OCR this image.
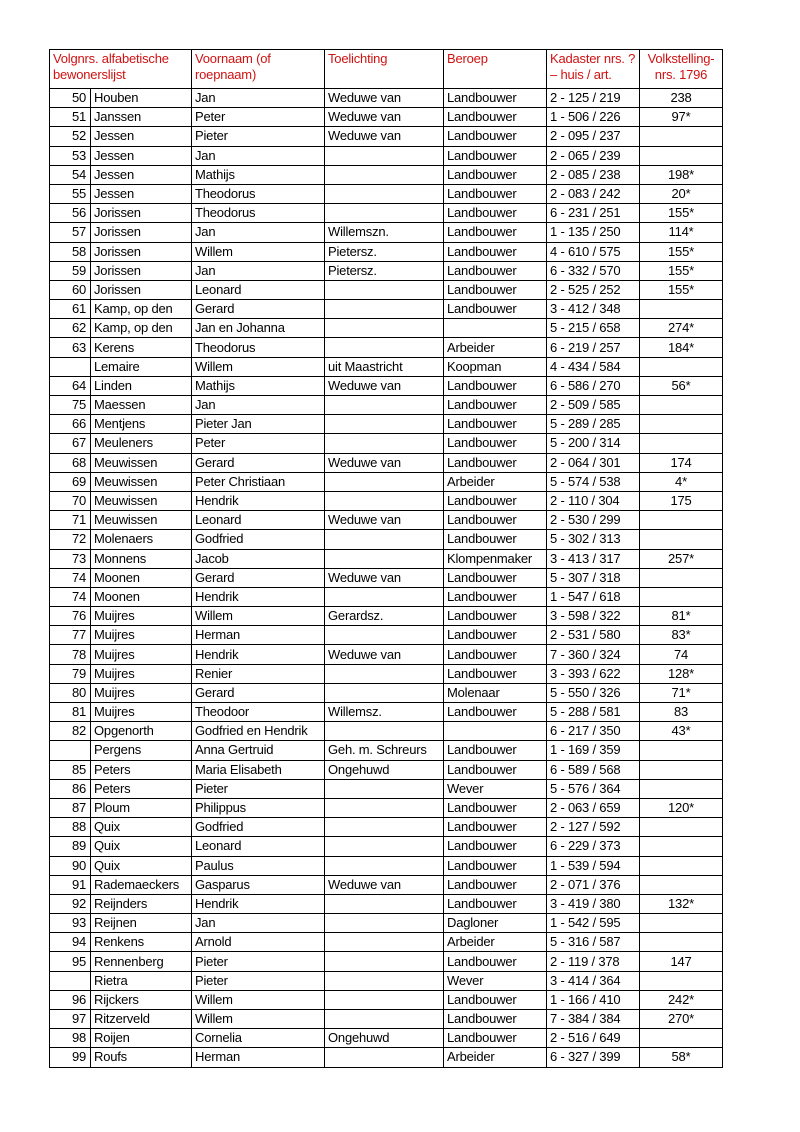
Volgnrs. alfabetische bewonerslijst		Voornaam (of roepnaam)	Toelichting	Beroep	Kadaster nrs. ? – huis / art.	Volkstelling- nrs. 1796
50	Houben	Jan	Weduwe van	Landbouwer	2 - 125 / 219	238
51	Janssen	Peter	Weduwe van	Landbouwer	1 - 506 / 226	97*
52	Jessen	Pieter	Weduwe van	Landbouwer	2 - 095 / 237	
53	Jessen	Jan		Landbouwer	2 - 065 / 239	
54	Jessen	Mathijs		Landbouwer	2 - 085 / 238	198*
55	Jessen	Theodorus		Landbouwer	2 - 083 / 242	20*
56	Jorissen	Theodorus		Landbouwer	6 - 231 / 251	155*
57	Jorissen	Jan	Willemszn.	Landbouwer	1 - 135 / 250	114*
58	Jorissen	Willem	Pietersz.	Landbouwer	4 - 610 / 575	155*
59	Jorissen	Jan	Pietersz.	Landbouwer	6 - 332 / 570	155*
60	Jorissen	Leonard		Landbouwer	2 - 525 / 252	155*
61	Kamp, op den	Gerard		Landbouwer	3 - 412 / 348	
62	Kamp, op den	Jan en Johanna			5 - 215 / 658	274*
63	Kerens	Theodorus		Arbeider	6 - 219 / 257	184*
	Lemaire	Willem	uit Maastricht	Koopman	4 - 434 / 584	
64	Linden	Mathijs	Weduwe van	Landbouwer	6 - 586 / 270	56*
75	Maessen	Jan		Landbouwer	2 - 509 / 585	
66	Mentjens	Pieter Jan		Landbouwer	5 - 289 / 285	
67	Meuleners	Peter		Landbouwer	5 - 200 / 314	
68	Meuwissen	Gerard	Weduwe van	Landbouwer	2 - 064 / 301	174
69	Meuwissen	Peter Christiaan		Arbeider	5 - 574 / 538	4*
70	Meuwissen	Hendrik		Landbouwer	2 - 110 / 304	175
71	Meuwissen	Leonard	Weduwe van	Landbouwer	2 - 530 / 299	
72	Molenaers	Godfried		Landbouwer	5 - 302 / 313	
73	Monnens	Jacob		Klompenmaker	3 - 413 / 317	257*
74	Moonen	Gerard	Weduwe van	Landbouwer	5 - 307 / 318	
74	Moonen	Hendrik		Landbouwer	1 - 547 / 618	
76	Muijres	Willem	Gerardsz.	Landbouwer	3 - 598 / 322	81*
77	Muijres	Herman		Landbouwer	2 - 531 / 580	83*
78	Muijres	Hendrik	Weduwe van	Landbouwer	7 - 360 / 324	74
79	Muijres	Renier		Landbouwer	3 - 393 / 622	128*
80	Muijres	Gerard		Molenaar	5 - 550 / 326	71*
81	Muijres	Theodoor	Willemsz.	Landbouwer	5 - 288 / 581	83
82	Opgenorth	Godfried en Hendrik			6 - 217 / 350	43*
	Pergens	Anna Gertruid	Geh. m. Schreurs	Landbouwer	1 - 169 / 359	
85	Peters	Maria Elisabeth	Ongehuwd	Landbouwer	6 - 589 / 568	
86	Peters	Pieter		Wever	5 - 576 / 364	
87	Ploum	Philippus		Landbouwer	2 - 063 / 659	120*
88	Quix	Godfried		Landbouwer	2 - 127 / 592	
89	Quix	Leonard		Landbouwer	6 - 229 / 373	
90	Quix	Paulus		Landbouwer	1 - 539 / 594	
91	Rademaeckers	Gasparus	Weduwe van	Landbouwer	2 - 071 / 376	
92	Reijnders	Hendrik		Landbouwer	3 - 419 / 380	132*
93	Reijnen	Jan		Dagloner	1 - 542 / 595	
94	Renkens	Arnold		Arbeider	5 - 316 / 587	
95	Rennenberg	Pieter		Landbouwer	2 - 119 / 378	147
	Rietra	Pieter		Wever	3 - 414 / 364	
96	Rijckers	Willem		Landbouwer	1 - 166 / 410	242*
97	Ritzerveld	Willem		Landbouwer	7 - 384 / 384	270*
98	Roijen	Cornelia	Ongehuwd	Landbouwer	2 - 516 / 649	
99	Roufs	Herman		Arbeider	6 - 327 / 399	58*
